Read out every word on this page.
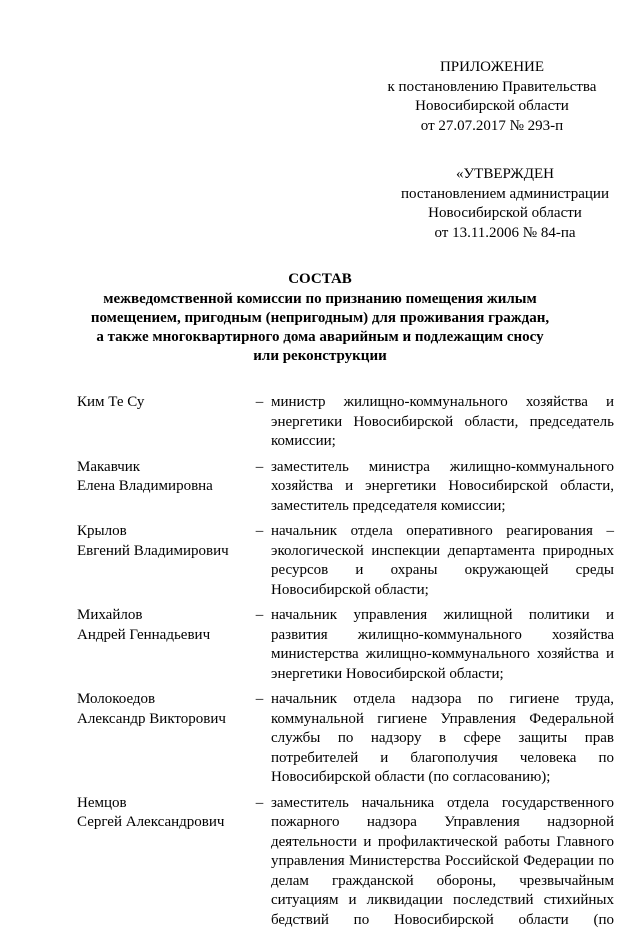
ПРИЛОЖЕНИЕ
к постановлению Правительства
Новосибирской области
от 27.07.2017 № 293-п
«УТВЕРЖДЕН
постановлением администрации
Новосибирской области
от 13.11.2006 № 84-па
СОСТАВ
межведомственной комиссии по признанию помещения жилым
помещением, пригодным (непригодным) для проживания граждан,
а также многоквартирного дома аварийным и подлежащим сносу
или реконструкции
Ким Те Су	– министр жилищно-коммунального хозяйства и энергетики Новосибирской области, председатель комиссии;
Макавчик
Елена Владимировна
– заместитель министра жилищно-коммунального хозяйства и энергетики Новосибирской области, заместитель председателя комиссии;
Крылов
Евгений Владимирович
– начальник отдела оперативного реагирования – экологической инспекции департамента природных ресурсов и охраны окружающей среды Новосибирской области;
Михайлов
Андрей Геннадьевич
– начальник управления жилищной политики и развития жилищно-коммунального хозяйства министерства жилищно-коммунального хозяйства и энергетики Новосибирской области;
Молокоедов
Александр Викторович
– начальник отдела надзора по гигиене труда, коммунальной гигиене Управления Федеральной службы по надзору в сфере защиты прав потребителей и благополучия человека по Новосибирской области (по согласованию);
Немцов
Сергей Александрович
– заместитель начальника отдела государственного пожарного надзора Управления надзорной деятельности и профилактической работы Главного управления Министерства Российской Федерации по делам гражданской обороны, чрезвычайным ситуациям и ликвидации последствий стихийных бедствий по Новосибирской области (по
